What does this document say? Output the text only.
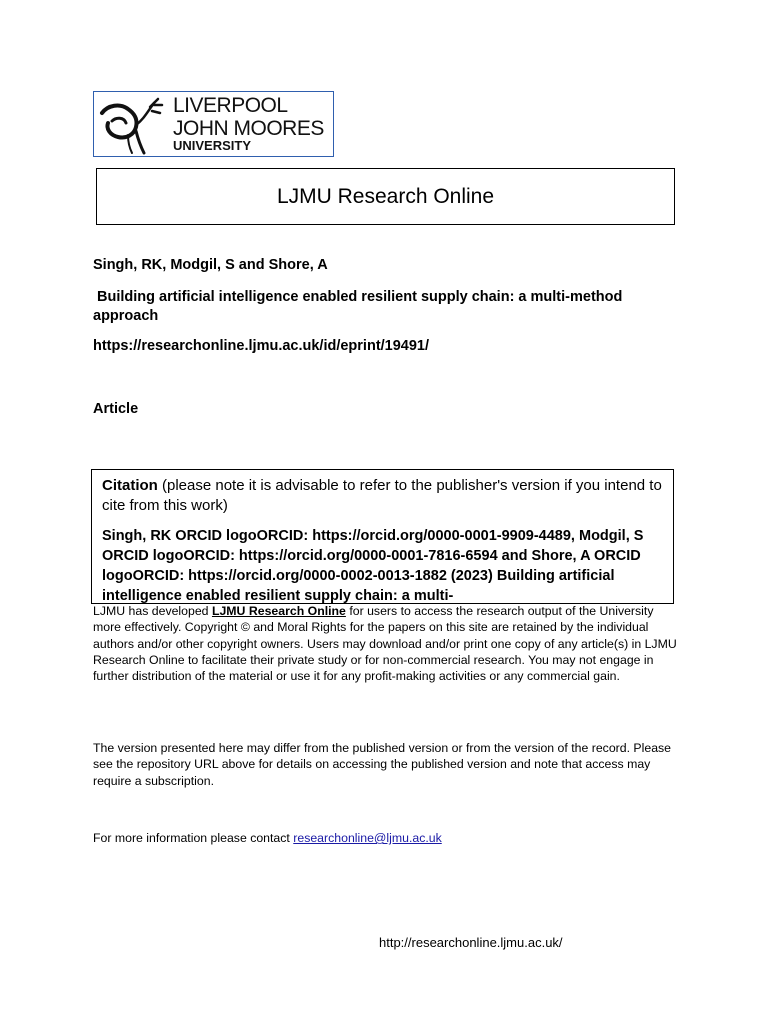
LIVERPOOL
JOHN MOORES
UNIVERSITY
LJMU Research Online
Singh, RK, Modgil, S and Shore, A
Building artificial intelligence enabled resilient supply chain: a multi-method approach
https://researchonline.ljmu.ac.uk/id/eprint/19491/
Article
Citation (please note it is advisable to refer to the publisher's version if you intend to cite from this work)
Singh, RK ORCID logoORCID: https://orcid.org/0000-0001-9909-4489, Modgil, S ORCID logoORCID: https://orcid.org/0000-0001-7816-6594 and Shore, A ORCID logoORCID: https://orcid.org/0000-0002-0013-1882 (2023) Building artificial intelligence enabled resilient supply chain: a multi-
LJMU has developed LJMU Research Online for users to access the research output of the University more effectively. Copyright © and Moral Rights for the papers on this site are retained by the individual authors and/or other copyright owners. Users may download and/or print one copy of any article(s) in LJMU Research Online to facilitate their private study or for non-commercial research. You may not engage in further distribution of the material or use it for any profit-making activities or any commercial gain.
The version presented here may differ from the published version or from the version of the record. Please see the repository URL above for details on accessing the published version and note that access may require a subscription.
For more information please contact researchonline@ljmu.ac.uk
http://researchonline.ljmu.ac.uk/
